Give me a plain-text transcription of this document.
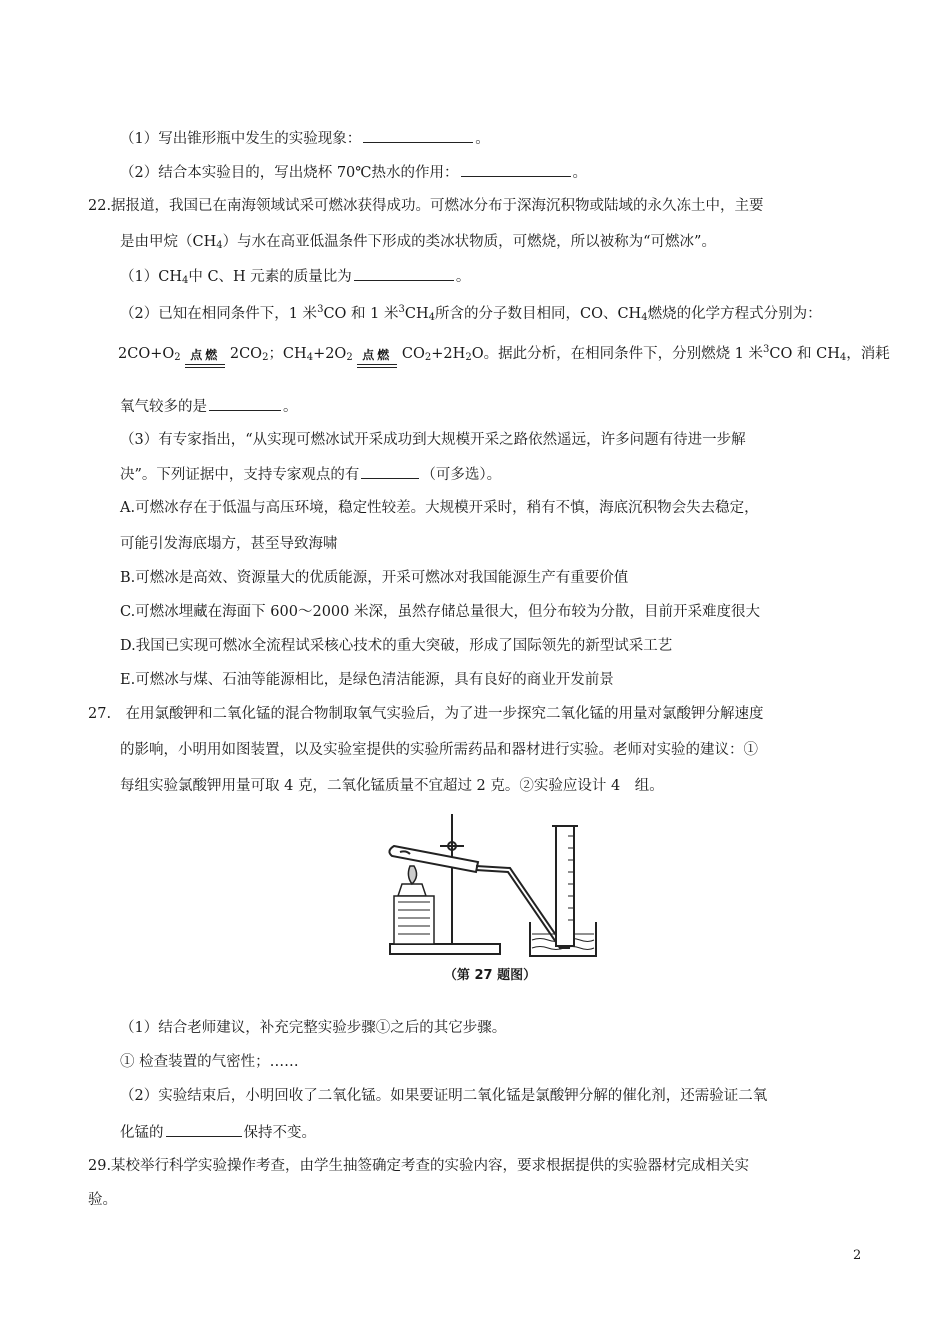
（1）写出锥形瓶中发生的实验现象：	。
（2）结合本实验目的，写出烧杯 70℃热水的作用：	。
22.据报道，我国已在南海领域试采可燃冰获得成功。可燃冰分布于深海沉积物或陆域的永久冻土中，主要
是由甲烷$(CH_4)$与水在高亚低温条件下形成的类冰状物质，可燃烧，所以被称为“可燃冰”。
$(1)CH_4$中 C、H 元素的质量比为	。
（2）已知在相同条件下，1 米$^3$CO 和 1 米$^3CH_4$所含的分子数目相同，CO、$CH_4$燃烧的化学方程式分别为：
$2CO+O_2$ 点燃 $2CO_2$；$CH_4+2O_2$ 点燃 $CO_2+2H_2O$。据此分析，在相同条件下，分别燃烧 1 米$^3$CO 和 $CH_4$，消耗
氧气较多的是	。
（3）有专家指出，“从实现可燃冰试开采成功到大规模开采之路依然遥远，许多问题有待进一步解
决”。下列证据中，支持专家观点的有	（可多选）。
A.可燃冰存在于低温与高压环境，稳定性较差。大规模开采时，稍有不慎，海底沉积物会失去稳定，
可能引发海底塌方，甚至导致海啸
B.可燃冰是高效、资源量大的优质能源，开采可燃冰对我国能源生产有重要价值
C.可燃冰埋藏在海面下 600～2000 米深，虽然存储总量很大，但分布较为分散，目前开采难度很大
D.我国已实现可燃冰全流程试采核心技术的重大突破，形成了国际领先的新型试采工艺
E.可燃冰与煤、石油等能源相比，是绿色清洁能源，具有良好的商业开发前景
27.　在用氯酸钾和二氧化锰的混合物制取氧气实验后，为了进一步探究二氧化锰的用量对氯酸钾分解速度
的影响，小明用如图装置，以及实验室提供的实验所需药品和器材进行实验。老师对实验的建议：①
每组实验氯酸钾用量可取 4 克，二氧化锰质量不宜超过 2 克。②实验应设计 4　组。
（第 27 题图）
（1）结合老师建议，补充完整实验步骤①之后的其它步骤。
① 检查装置的气密性；……
（2）实验结束后，小明回收了二氧化锰。如果要证明二氧化锰是氯酸钾分解的催化剂，还需验证二氧
化锰的	保持不变。
29.某校举行科学实验操作考查，由学生抽签确定考查的实验内容，要求根据提供的实验器材完成相关实
验。
2
